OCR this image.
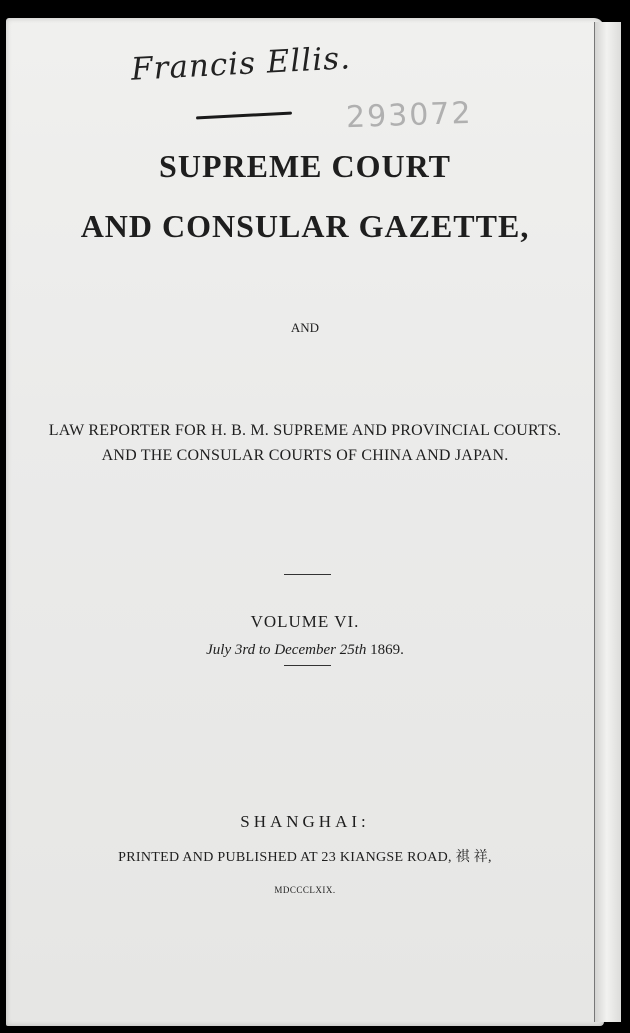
Francis Ellis.
293072
SUPREME COURT
AND CONSULAR GAZETTE,
AND
LAW REPORTER FOR H. B. M. SUPREME AND PROVINCIAL COURTS.
AND THE CONSULAR COURTS OF CHINA AND JAPAN.
VOLUME VI.
July 3rd to December 25th 1869.
SHANGHAI:
PRINTED AND PUBLISHED AT 23 KIANGSE ROAD, 祺 祥,
MDCCCLXIX.
